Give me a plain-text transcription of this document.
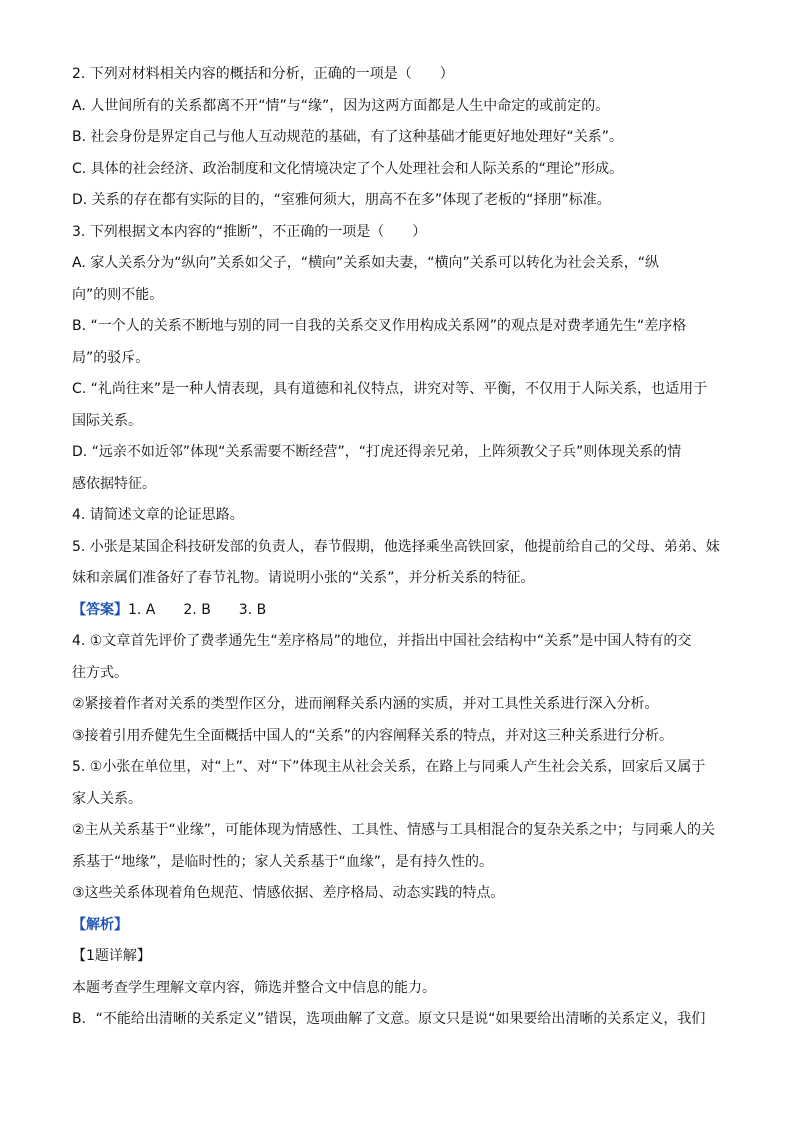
2. 下列对材料相关内容的概括和分析，正确的一项是（　　）

A. 人世间所有的关系都离不开“情”与“缘”，因为这两方面都是人生中命定的或前定的。

B. 社会身份是界定自己与他人互动规范的基础，有了这种基础才能更好地处理好“关系”。

C. 具体的社会经济、政治制度和文化情境决定了个人处理社会和人际关系的“理论”形成。

D. 关系的存在都有实际的目的，“室雅何须大，朋高不在多”体现了老板的“择朋”标准。

3. 下列根据文本内容的“推断”，不正确的一项是（　　）

A. 家人关系分为“纵向”关系如父子，“横向”关系如夫妻，“横向”关系可以转化为社会关系，“纵

向”的则不能。

B. “一个人的关系不断地与别的同一自我的关系交叉作用构成关系网”的观点是对费孝通先生“差序格

局”的驳斥。

C. “礼尚往来”是一种人情表现，具有道德和礼仪特点，讲究对等、平衡，不仅用于人际关系，也适用于

国际关系。

D. “远亲不如近邻”体现“关系需要不断经营”，“打虎还得亲兄弟，上阵须教父子兵”则体现关系的情

感依据特征。

4. 请简述文章的论证思路。

5. 小张是某国企科技研发部的负责人，春节假期，他选择乘坐高铁回家，他提前给自己的父母、弟弟、妹

妹和亲属们准备好了春节礼物。请说明小张的“关系”，并分析关系的特征。

【答案】1. A　　2. B　　3. B

4. ①文章首先评价了费孝通先生“差序格局”的地位，并指出中国社会结构中“关系”是中国人特有的交

往方式。

②紧接着作者对关系的类型作区分，进而阐释关系内涵的实质，并对工具性关系进行深入分析。

③接着引用乔健先生全面概括中国人的“关系”的内容阐释关系的特点，并对这三种关系进行分析。

5. ①小张在单位里，对“上”、对“下”体现主从社会关系，在路上与同乘人产生社会关系，回家后又属于

家人关系。

②主从关系基于“业缘”，可能体现为情感性、工具性、情感与工具相混合的复杂关系之中；与同乘人的关

系基于“地缘”，是临时性的；家人关系基于“血缘”，是有持久性的。

③这些关系体现着角色规范、情感依据、差序格局、动态实践的特点。

【解析】

【1题详解】

本题考查学生理解文章内容，筛选并整合文中信息的能力。

B．“不能给出清晰的关系定义”错误，选项曲解了文意。原文只是说“如果要给出清晰的关系定义，我们
